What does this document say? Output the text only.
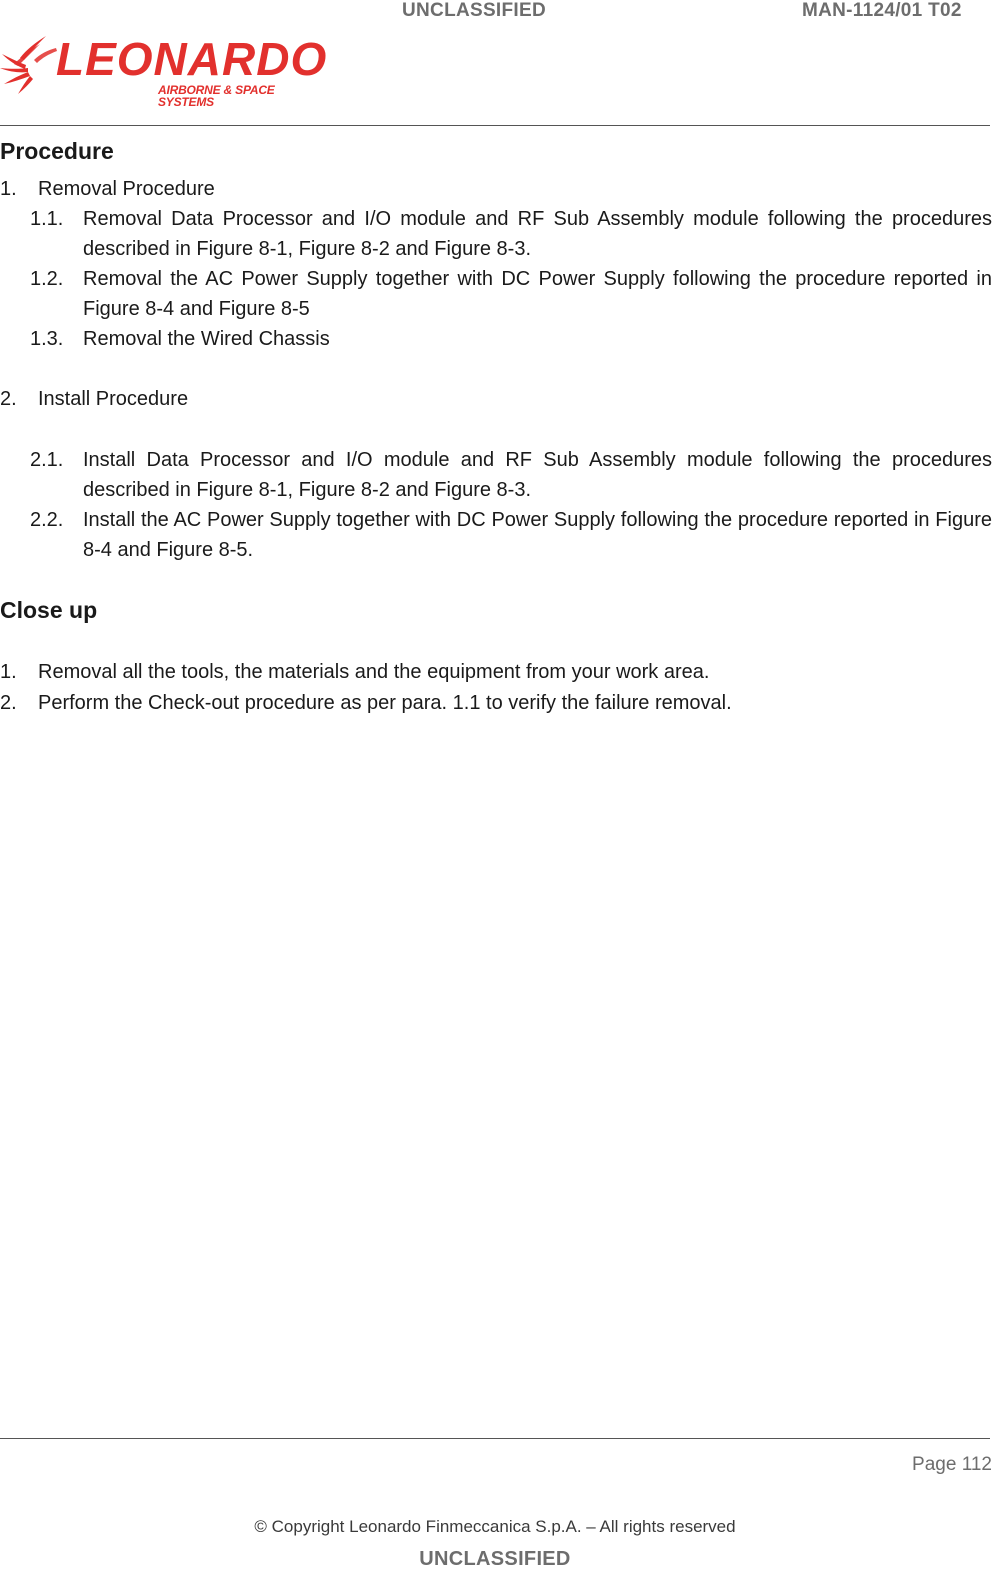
UNCLASSIFIED	MAN-1124/01 T02
LEONARDO
AIRBORNE & SPACE SYSTEMS
Procedure
1. Removal Procedure
1.1. Removal Data Processor and I/O module and RF Sub Assembly module following the procedures described in Figure 8-1, Figure 8-2 and Figure 8-3.
1.2. Removal the AC Power Supply together with DC Power Supply following the procedure reported in Figure 8-4 and Figure 8-5
1.3. Removal the Wired Chassis
2. Install Procedure
2.1. Install Data Processor and I/O module and RF Sub Assembly module following the procedures described in Figure 8-1, Figure 8-2 and Figure 8-3.
2.2. Install the AC Power Supply together with DC Power Supply following the procedure reported in Figure 8-4 and Figure 8-5.
Close up
1. Removal all the tools, the materials and the equipment from your work area.
2. Perform the Check-out procedure as per para. 1.1 to verify the failure removal.
Page 112
© Copyright Leonardo Finmeccanica S.p.A. – All rights reserved
UNCLASSIFIED
